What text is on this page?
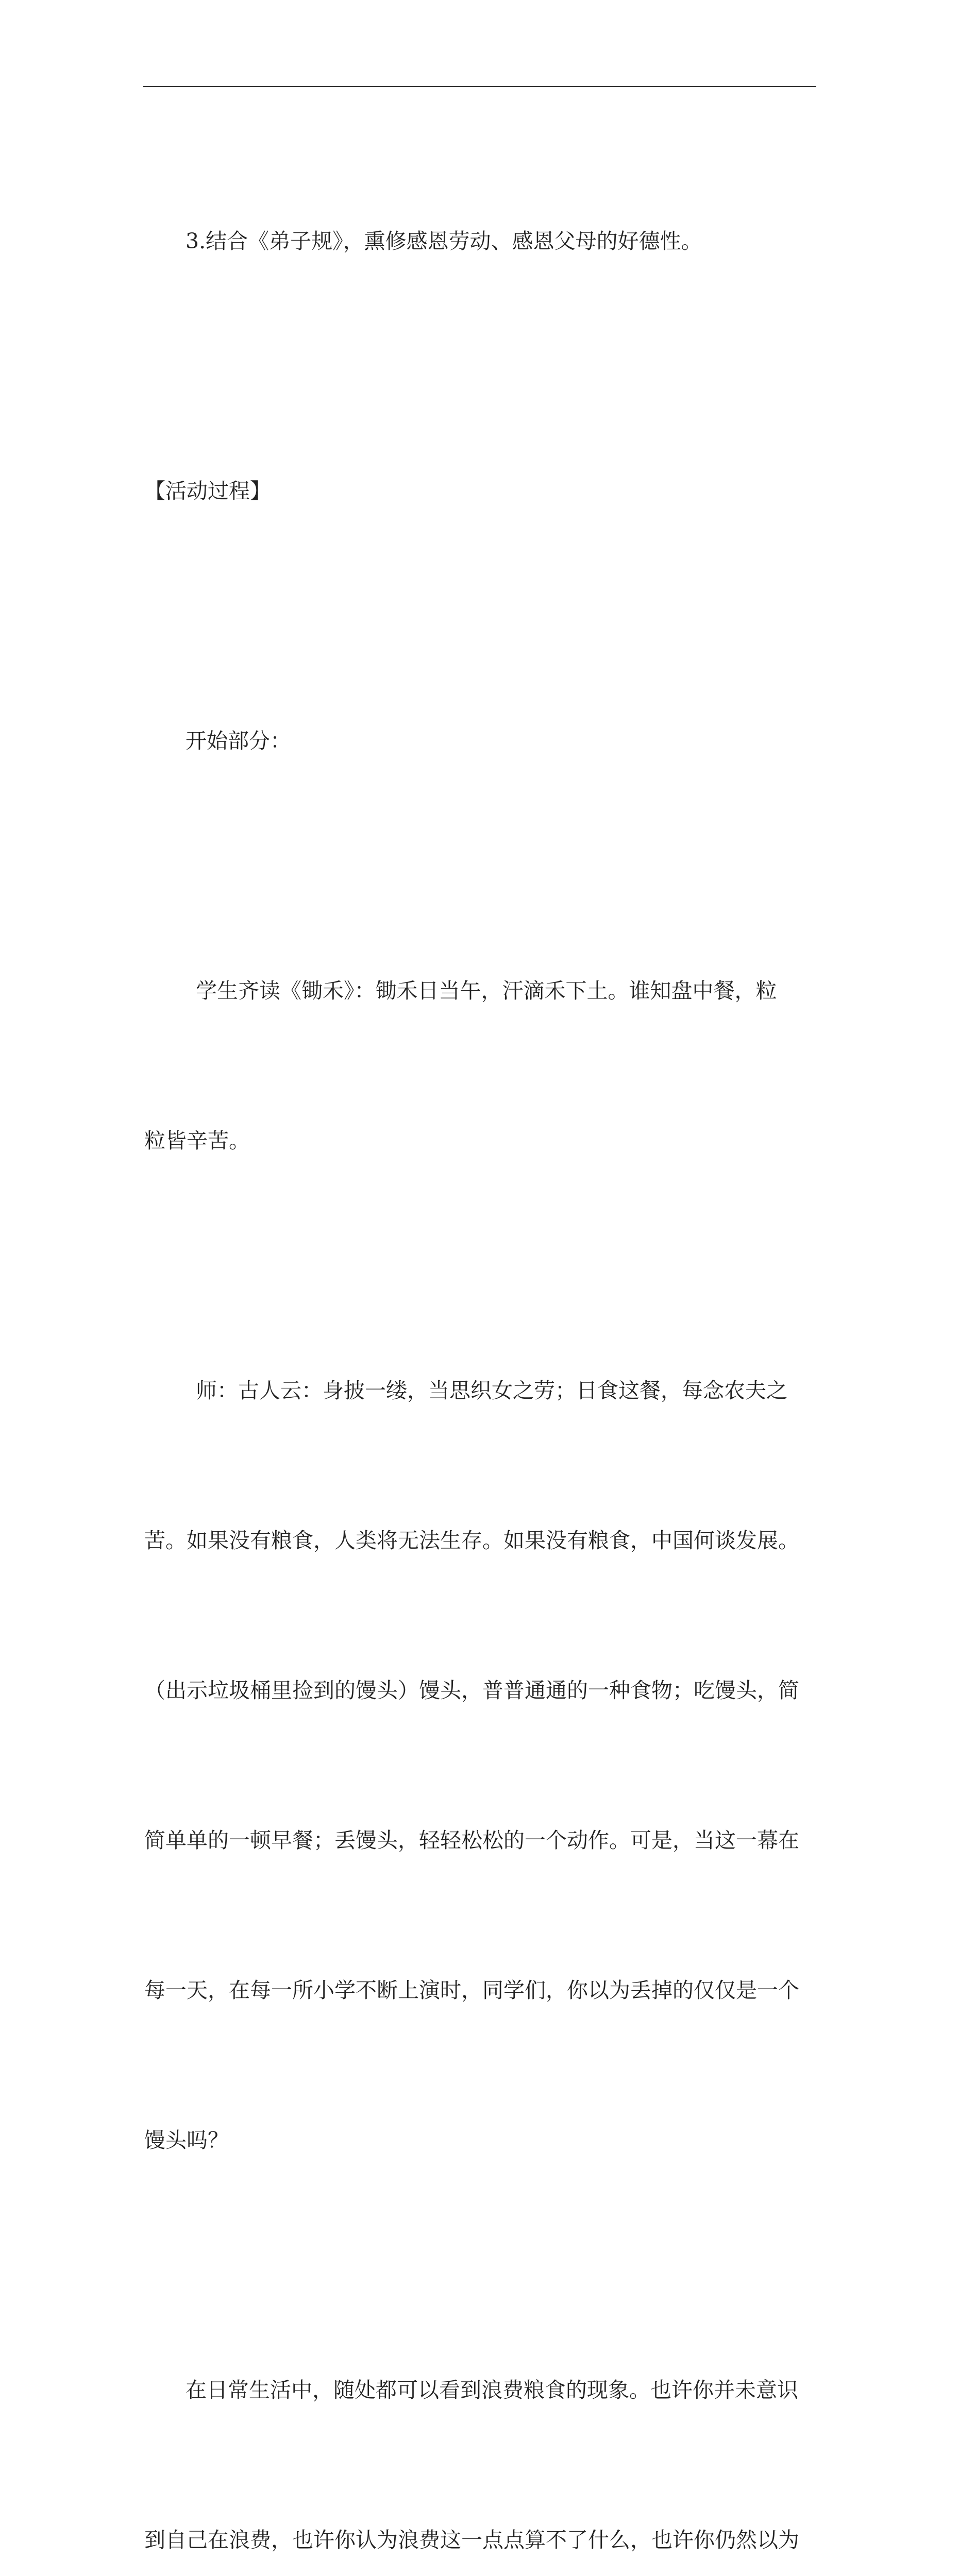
3.结合《弟子规》，熏修感恩劳动、感恩父母的好德性。

【活动过程】

开始部分：

学生齐读《锄禾》：锄禾日当午，汗滴禾下土。谁知盘中餐，粒

粒皆辛苦。

师：古人云：身披一缕，当思织女之劳；日食这餐，每念农夫之

苦。如果没有粮食，人类将无法生存。如果没有粮食，中国何谈发展。

（出示垃圾桶里捡到的馒头）馒头，普普通通的一种食物；吃馒头，简

简单单的一顿早餐；丢馒头，轻轻松松的一个动作。可是，当这一幕在

每一天，在每一所小学不断上演时，同学们，你以为丢掉的仅仅是一个

馒头吗？

在日常生活中，随处都可以看到浪费粮食的现象。也许你并未意识

到自己在浪费，也许你认为浪费这一点点算不了什么，也许你仍然以为
